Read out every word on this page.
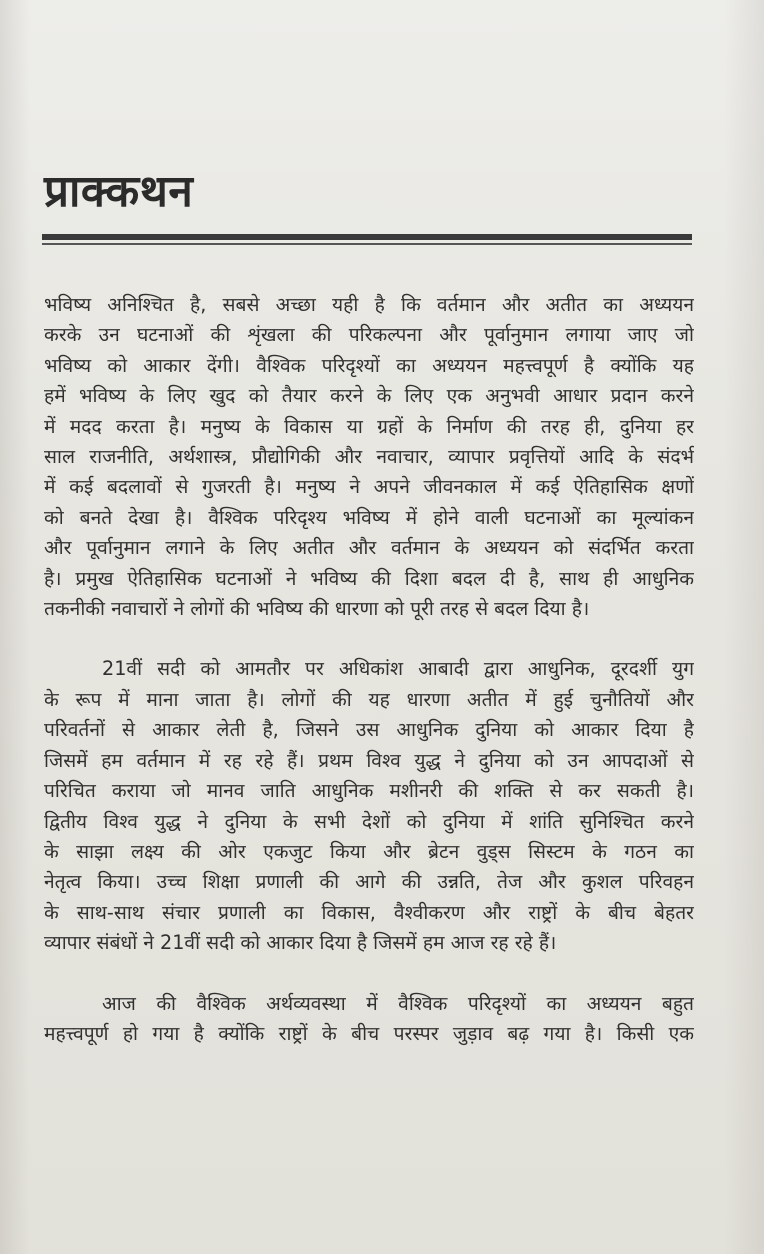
प्राक्कथन

भविष्य अनिश्चित है, सबसे अच्छा यही है कि वर्तमान और अतीत का अध्ययन
करके उन घटनाओं की शृंखला की परिकल्पना और पूर्वानुमान लगाया जाए जो
भविष्य को आकार देंगी। वैश्विक परिदृश्यों का अध्ययन महत्त्वपूर्ण है क्योंकि यह
हमें भविष्य के लिए खुद को तैयार करने के लिए एक अनुभवी आधार प्रदान करने
में मदद करता है। मनुष्य के विकास या ग्रहों के निर्माण की तरह ही, दुनिया हर
साल राजनीति, अर्थशास्त्र, प्रौद्योगिकी और नवाचार, व्यापार प्रवृत्तियों आदि के संदर्भ
में कई बदलावों से गुजरती है। मनुष्य ने अपने जीवनकाल में कई ऐतिहासिक क्षणों
को बनते देखा है। वैश्विक परिदृश्य भविष्य में होने वाली घटनाओं का मूल्यांकन
और पूर्वानुमान लगाने के लिए अतीत और वर्तमान के अध्ययन को संदर्भित करता
है। प्रमुख ऐतिहासिक घटनाओं ने भविष्य की दिशा बदल दी है, साथ ही आधुनिक
तकनीकी नवाचारों ने लोगों की भविष्य की धारणा को पूरी तरह से बदल दिया है।

21वीं सदी को आमतौर पर अधिकांश आबादी द्वारा आधुनिक, दूरदर्शी युग
के रूप में माना जाता है। लोगों की यह धारणा अतीत में हुई चुनौतियों और
परिवर्तनों से आकार लेती है, जिसने उस आधुनिक दुनिया को आकार दिया है
जिसमें हम वर्तमान में रह रहे हैं। प्रथम विश्व युद्ध ने दुनिया को उन आपदाओं से
परिचित कराया जो मानव जाति आधुनिक मशीनरी की शक्ति से कर सकती है।
द्वितीय विश्व युद्ध ने दुनिया के सभी देशों को दुनिया में शांति सुनिश्चित करने
के साझा लक्ष्य की ओर एकजुट किया और ब्रेटन वुड्स सिस्टम के गठन का
नेतृत्व किया। उच्च शिक्षा प्रणाली की आगे की उन्नति, तेज और कुशल परिवहन
के साथ-साथ संचार प्रणाली का विकास, वैश्वीकरण और राष्ट्रों के बीच बेहतर
व्यापार संबंधों ने 21वीं सदी को आकार दिया है जिसमें हम आज रह रहे हैं।

आज की वैश्विक अर्थव्यवस्था में वैश्विक परिदृश्यों का अध्ययन बहुत
महत्त्वपूर्ण हो गया है क्योंकि राष्ट्रों के बीच परस्पर जुड़ाव बढ़ गया है। किसी एक
